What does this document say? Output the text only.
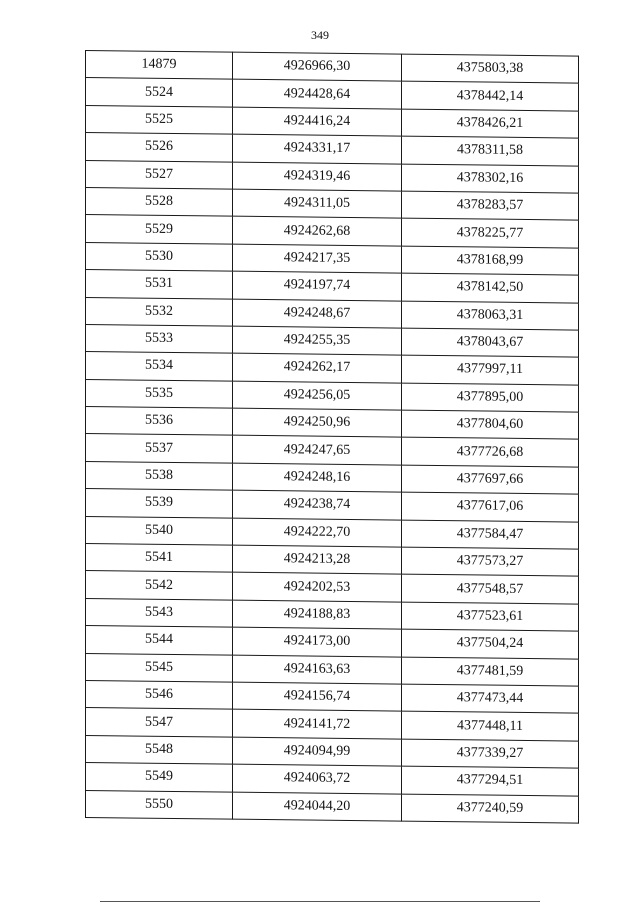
349
14879	4926966,30	4375803,38
5524	4924428,64	4378442,14
5525	4924416,24	4378426,21
5526	4924331,17	4378311,58
5527	4924319,46	4378302,16
5528	4924311,05	4378283,57
5529	4924262,68	4378225,77
5530	4924217,35	4378168,99
5531	4924197,74	4378142,50
5532	4924248,67	4378063,31
5533	4924255,35	4378043,67
5534	4924262,17	4377997,11
5535	4924256,05	4377895,00
5536	4924250,96	4377804,60
5537	4924247,65	4377726,68
5538	4924248,16	4377697,66
5539	4924238,74	4377617,06
5540	4924222,70	4377584,47
5541	4924213,28	4377573,27
5542	4924202,53	4377548,57
5543	4924188,83	4377523,61
5544	4924173,00	4377504,24
5545	4924163,63	4377481,59
5546	4924156,74	4377473,44
5547	4924141,72	4377448,11
5548	4924094,99	4377339,27
5549	4924063,72	4377294,51
5550	4924044,20	4377240,59
